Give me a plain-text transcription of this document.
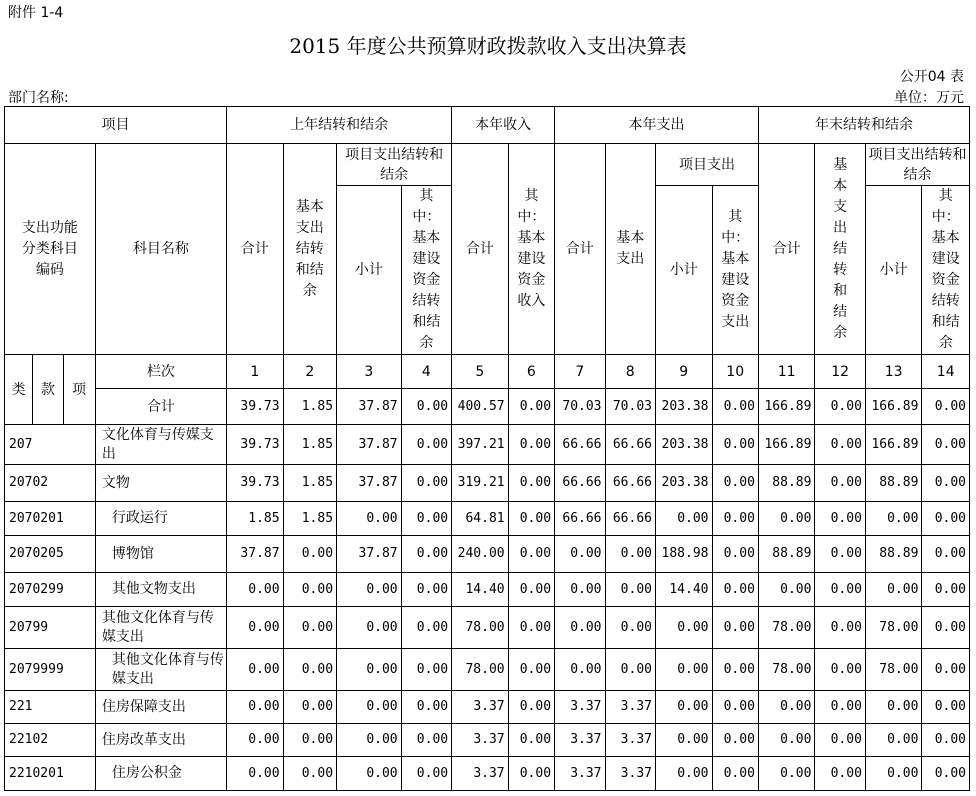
附件 1-4
2015 年度公共预算财政拨款收入支出决算表
公开04 表
部门名称:	单位：万元
项目				上年结转和结余				本年收入		本年支出				年末结转和结余			
支出功能分类科目编码			科目名称	合计	基本支出结转和结余	项目支出结转和结余		合计	其中：基本建设资金收入	合计	基本支出	项目支出		合计	基本支出结转和结余	项目支出结转和结余	
						小计	其中：基本建设资金结转和结余					小计	其中：基本建设资金支出			小计	其中：基本建设资金结转和结余
类	款	项	栏次	1	2	3	4	5	6	7	8	9	10	11	12	13	14
			合计	39.73	1.85	37.87	0.00	400.57	0.00	70.03	70.03	203.38	0.00	166.89	0.00	166.89	0.00
207			文化体育与传媒支出	39.73	1.85	37.87	0.00	397.21	0.00	66.66	66.66	203.38	0.00	166.89	0.00	166.89	0.00
20702			文物	39.73	1.85	37.87	0.00	319.21	0.00	66.66	66.66	203.38	0.00	88.89	0.00	88.89	0.00
2070201			行政运行	1.85	1.85	0.00	0.00	64.81	0.00	66.66	66.66	0.00	0.00	0.00	0.00	0.00	0.00
2070205			博物馆	37.87	0.00	37.87	0.00	240.00	0.00	0.00	0.00	188.98	0.00	88.89	0.00	88.89	0.00
2070299			其他文物支出	0.00	0.00	0.00	0.00	14.40	0.00	0.00	0.00	14.40	0.00	0.00	0.00	0.00	0.00
20799			其他文化体育与传媒支出	0.00	0.00	0.00	0.00	78.00	0.00	0.00	0.00	0.00	0.00	78.00	0.00	78.00	0.00
2079999			其他文化体育与传媒支出	0.00	0.00	0.00	0.00	78.00	0.00	0.00	0.00	0.00	0.00	78.00	0.00	78.00	0.00
221			住房保障支出	0.00	0.00	0.00	0.00	3.37	0.00	3.37	3.37	0.00	0.00	0.00	0.00	0.00	0.00
22102			住房改革支出	0.00	0.00	0.00	0.00	3.37	0.00	3.37	3.37	0.00	0.00	0.00	0.00	0.00	0.00
2210201			住房公积金	0.00	0.00	0.00	0.00	3.37	0.00	3.37	3.37	0.00	0.00	0.00	0.00	0.00	0.00
